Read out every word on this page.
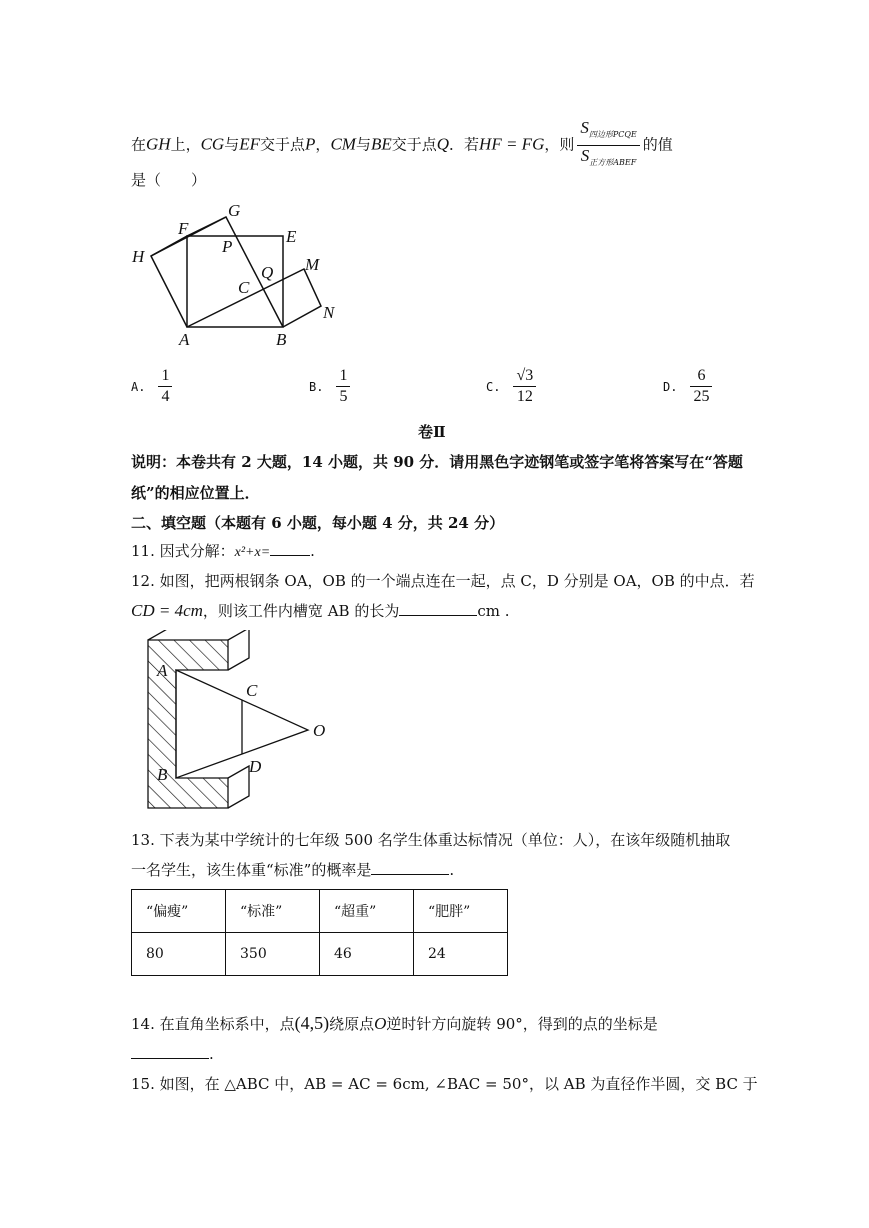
在GH上，CG与EF交于点P，CM与BE交于点Q．若HF = FG，则 $\frac{S_{四边形PCQE}}{S_{正方形ABEF}}$ 的值
是（　　）
G
F	E
H
P
Q M
C
N
A	B
A. $\frac{1}{4}$	B. $\frac{1}{5}$	C. $\frac{√3}{12}$	D. $\frac{6}{25}$
卷Ⅱ
说明：本卷共有 2 大题，14 小题，共 90 分．请用黑色字迹钢笔或签字笔将答案写在“答题
纸”的相应位置上．
二、填空题（本题有 6 小题，每小题 4 分，共 24 分）
11. 因式分解：x²+x=	.
12. 如图，把两根钢条 OA，OB 的一个端点连在一起，点 C，D 分别是 OA，OB 的中点．若
CD = 4cm，则该工件内槽宽 AB 的长为	cm .
A
C
O
B	D
13. 下表为某中学统计的七年级 500 名学生体重达标情况（单位：人），在该年级随机抽取
一名学生，该生体重“标准”的概率是	.
“偏瘦”	“标准”	“超重”	“肥胖”
80	350	46	24
14. 在直角坐标系中，点(4,5)绕原点O逆时针方向旋转 90°，得到的点的坐标是
.
15. 如图，在 △ABC 中，AB = AC = 6cm, ∠BAC = 50°，以 AB 为直径作半圆，交 BC 于
